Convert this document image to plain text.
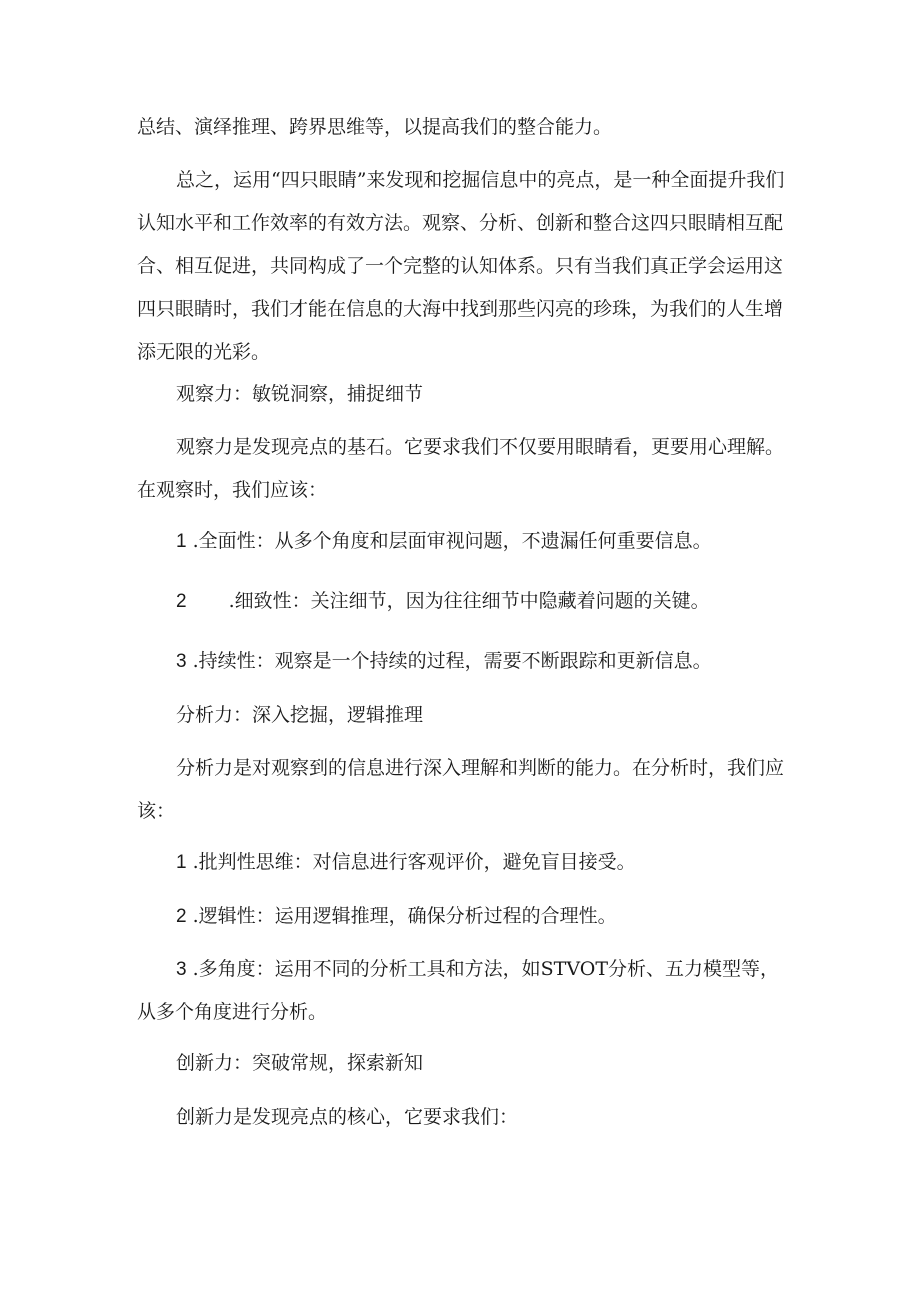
总结、演绎推理、跨界思维等，以提高我们的整合能力。

总之，运用“四只眼睛”来发现和挖掘信息中的亮点，是一种全面提升我们认知水平和工作效率的有效方法。观察、分析、创新和整合这四只眼睛相互配合、相互促进，共同构成了一个完整的认知体系。只有当我们真正学会运用这四只眼睛时，我们才能在信息的大海中找到那些闪亮的珍珠，为我们的人生增添无限的光彩。

观察力：敏锐洞察，捕捉细节

观察力是发现亮点的基石。它要求我们不仅要用眼睛看，更要用心理解。在观察时，我们应该：

1 .全面性：从多个角度和层面审视问题，不遗漏任何重要信息。

2 .细致性：关注细节，因为往往细节中隐藏着问题的关键。

3 .持续性：观察是一个持续的过程，需要不断跟踪和更新信息。

分析力：深入挖掘，逻辑推理

分析力是对观察到的信息进行深入理解和判断的能力。在分析时，我们应该：

1 .批判性思维：对信息进行客观评价，避免盲目接受。

2 .逻辑性：运用逻辑推理，确保分析过程的合理性。

3 .多角度：运用不同的分析工具和方法，如STVOT分析、五力模型等，从多个角度进行分析。

创新力：突破常规，探索新知

创新力是发现亮点的核心，它要求我们：
